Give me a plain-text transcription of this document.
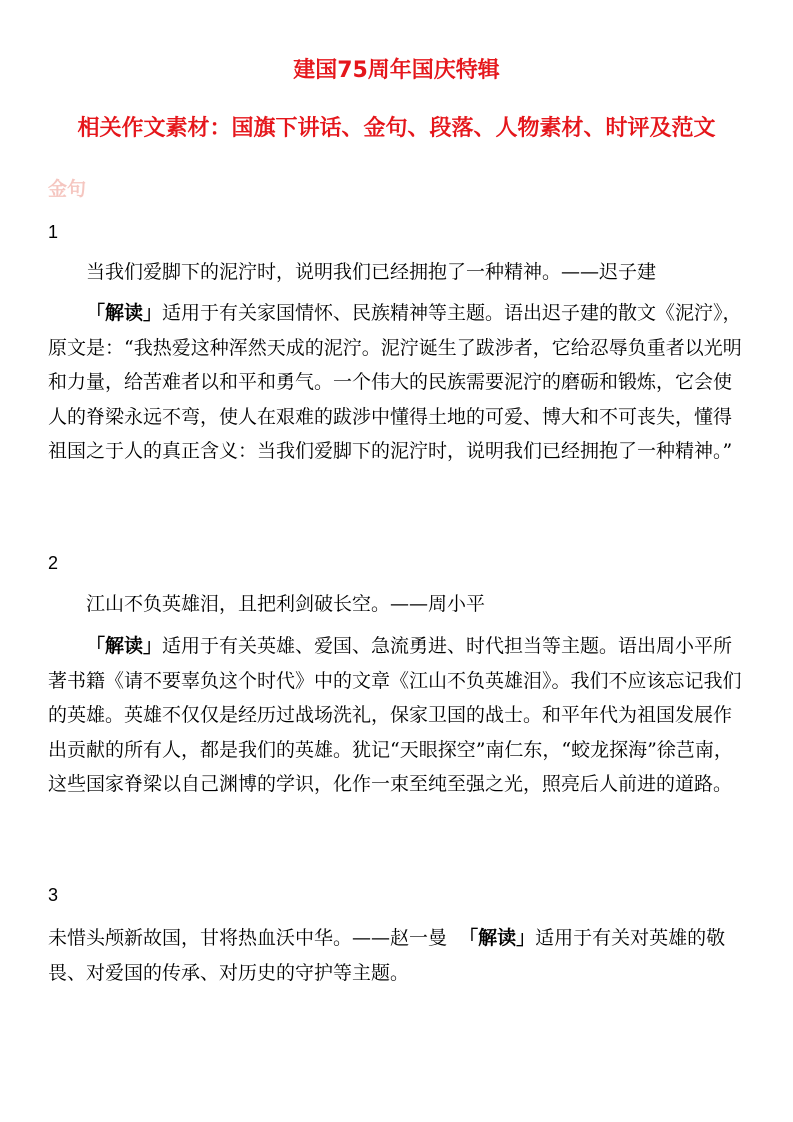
建国75周年国庆特辑
相关作文素材：国旗下讲话、金句、段落、人物素材、时评及范文
金句
1

当我们爱脚下的泥泞时，说明我们已经拥抱了一种精神。——迟子建

「解读」适用于有关家国情怀、民族精神等主题。语出迟子建的散文《泥泞》，原文是：“我热爱这种浑然天成的泥泞。泥泞诞生了跋涉者，它给忍辱负重者以光明和力量，给苦难者以和平和勇气。一个伟大的民族需要泥泞的磨砺和锻炼，它会使人的脊梁永远不弯，使人在艰难的跋涉中懂得土地的可爱、博大和不可丧失，懂得祖国之于人的真正含义：当我们爱脚下的泥泞时，说明我们已经拥抱了一种精神。”

2

江山不负英雄泪，且把利剑破长空。——周小平

「解读」适用于有关英雄、爱国、急流勇进、时代担当等主题。语出周小平所著书籍《请不要辜负这个时代》中的文章《江山不负英雄泪》。我们不应该忘记我们的英雄。英雄不仅仅是经历过战场洗礼，保家卫国的战士。和平年代为祖国发展作出贡献的所有人，都是我们的英雄。犹记“天眼探空”南仁东，“蛟龙探海”徐芑南，这些国家脊梁以自己渊博的学识，化作一束至纯至强之光，照亮后人前进的道路。

3

未惜头颅新故国，甘将热血沃中华。——赵一曼 「解读」适用于有关对英雄的敬畏、对爱国的传承、对历史的守护等主题。
